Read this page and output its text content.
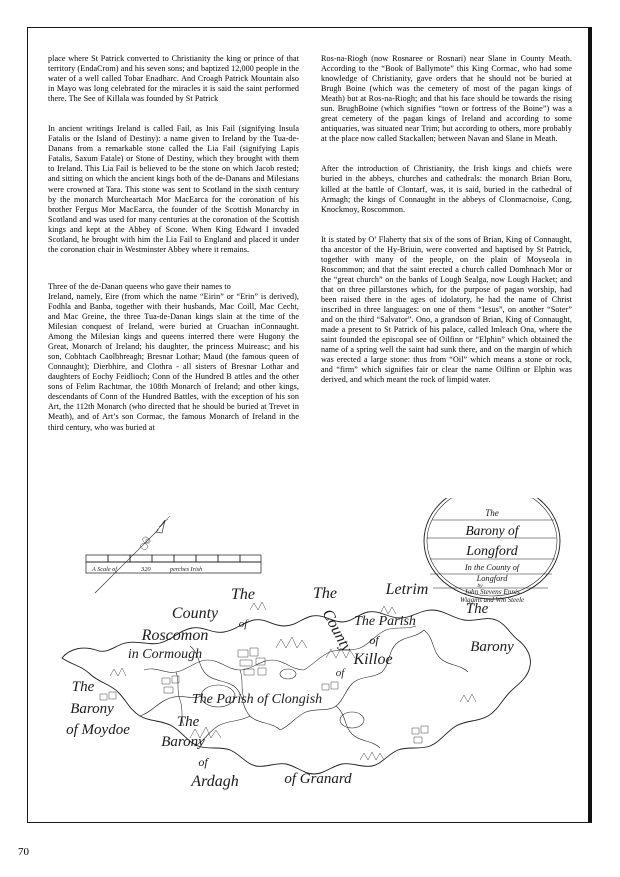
place where St Patrick converted to Christianity the king or prince of that territory (EndaCrom) and his seven sons; and baptized 12,000 people in the water of a well called Tobar Enadharc. And Croagh Patrick Mountain also in Mayo was long celebrated for the miracles it is said the saint performed there. The See of Killala was founded by St Patrick

In ancient writings Ireland is called Fail, as Inis Fail (signifying Insula Fatalis or the Island of Destiny): a name given to Ireland by the Tua-de-Danans from a remarkable stone called the Lia Fail (signifying Lapis Fatalis, Saxum Fatale) or Stone of Destiny, which they brought with them to Ireland. This Lia Fail is believed to be the stone on which Jacob rested; and sitting on which the ancient kings both of the de-Danans and Milesians were crowned at Tara. This stone was sent to Scotland in the sixth century by the monarch Murcheartach Mor MacEarca for the coronation of his brother Fergus Mor MacEarca, the founder of the Scottish Monarchy in Scotland and was used for many centuries at the coronation of the Scottish kings and kept at the Abbey of Scone. When King Edward I invaded Scotland, he brought with him the Lia Fail to England and placed it under the coronation chair in Westminster Abbey where it remains.

Three of the de-Danan queens who gave their names to

Ireland, namely, Eire (from which the name “Eirin” or “Erin” is derived), Fodhla and Banba, together with their husbands, Mac Coill, Mac Cecht, and Mac Greine, the three Tua-de-Danan kings slain at the time of the Milesian conquest of Ireland, were buried at Cruachan inConnaught. Among the Milesian kings and queens interred there were Hugony the Great, Monarch of Ireland; his daughter, the princess Muireasc; and his son, Cobhtach Caolbhreagh; Bresnar Lothar; Maud (the famous queen of Connaught); Dierbhire, and Clothra - all sisters of Bresnar Lothar and daughters of Eochy Feidlioch; Conn of the Hundred B attles and the other sons of Felim Rachtmar, the 108th Monarch of Ireland; and other kings, descendants of Conn of the Hundred Battles, with the exception of his son Art, the 112th Monarch (who directed that he should be buried at Trevet in Meath), and of Art’s son Cormac, the famous Monarch of Ireland in the third century, who was buried at

Ros-na-Riogh (now Rosnaree or Rosnari) near Slane in County Meath. According to the “Book of Ballymote” this King Cormac, who had some knowledge of Christianity, gave orders that he should not be buried at Brugh Boine (which was the cemetery of most of the pagan kings of Meath) but at Ros-na-Riogh; and that his face should be towards the rising sun. BrughBoine (which signifies “town or fortress of the Boine”) was a great cemetery of the pagan kings of Ireland and according to some antiquaries, was situated near Trim; but according to others, more probably at the place now called Stackallen; between Navan and Slane in Meath.

After the introduction of Christianity, the Irish kings and chiefs were buried in the abbeys, churches and cathedrals: the monarch Brian Boru, killed at the battle of Clontarf, was, it is said, buried in the cathedral of Armagh; the kings of Connaught in the abbeys of Clonmacnoise, Cong, Knockmoy, Roscommon.

It is stated by O’ Flaherty that six of the sons of Brian, King of Connaught, tha ancestor of the Hy-Briuin, were converted and baptised by St Patrick, together with many of the people, on the plain of Moyseola in Roscommon; and that the saint erected a church called Domhnach Mor or the “great church” on the banks of Lough Sealga, now Lough Hacket; and that on three pillarstones which, for the purpose of pagan worship, had been raised there in the ages of idolatory, he had the name of Christ inscribed in three languages: on one of them “Iesus”, on another “Soter” and on the third “Salvator”. Ono, a grandson of Brian, King of Connaught, made a present to St Patrick of his palace, called Imleach Ona, where the saint founded the episcopal see of Oilfinn or “Elphin” which obtained the name of a spring well the saint had sunk there, and on the margin of which was erected a large stone: thus from “Oil” which means a stone or rock, and “firm” which signifies fair or clear the name Oilfinn or Elphin was derived, and which meant the rock of limpid water.

A Scale of	320	perches Irish
The
Barony of
Longford
In the County of
Longford
by
John Stevens Ennis
Wiggins and Wm Steele
The
County
of
Roscomon
in Cormough
The
County
of
Letrim
The Parish
of
Killoe
The
Barony
The
Barony
of Moydoe
The Parish of Clongish
The
Barony
of
Ardagh	of Granard
70
